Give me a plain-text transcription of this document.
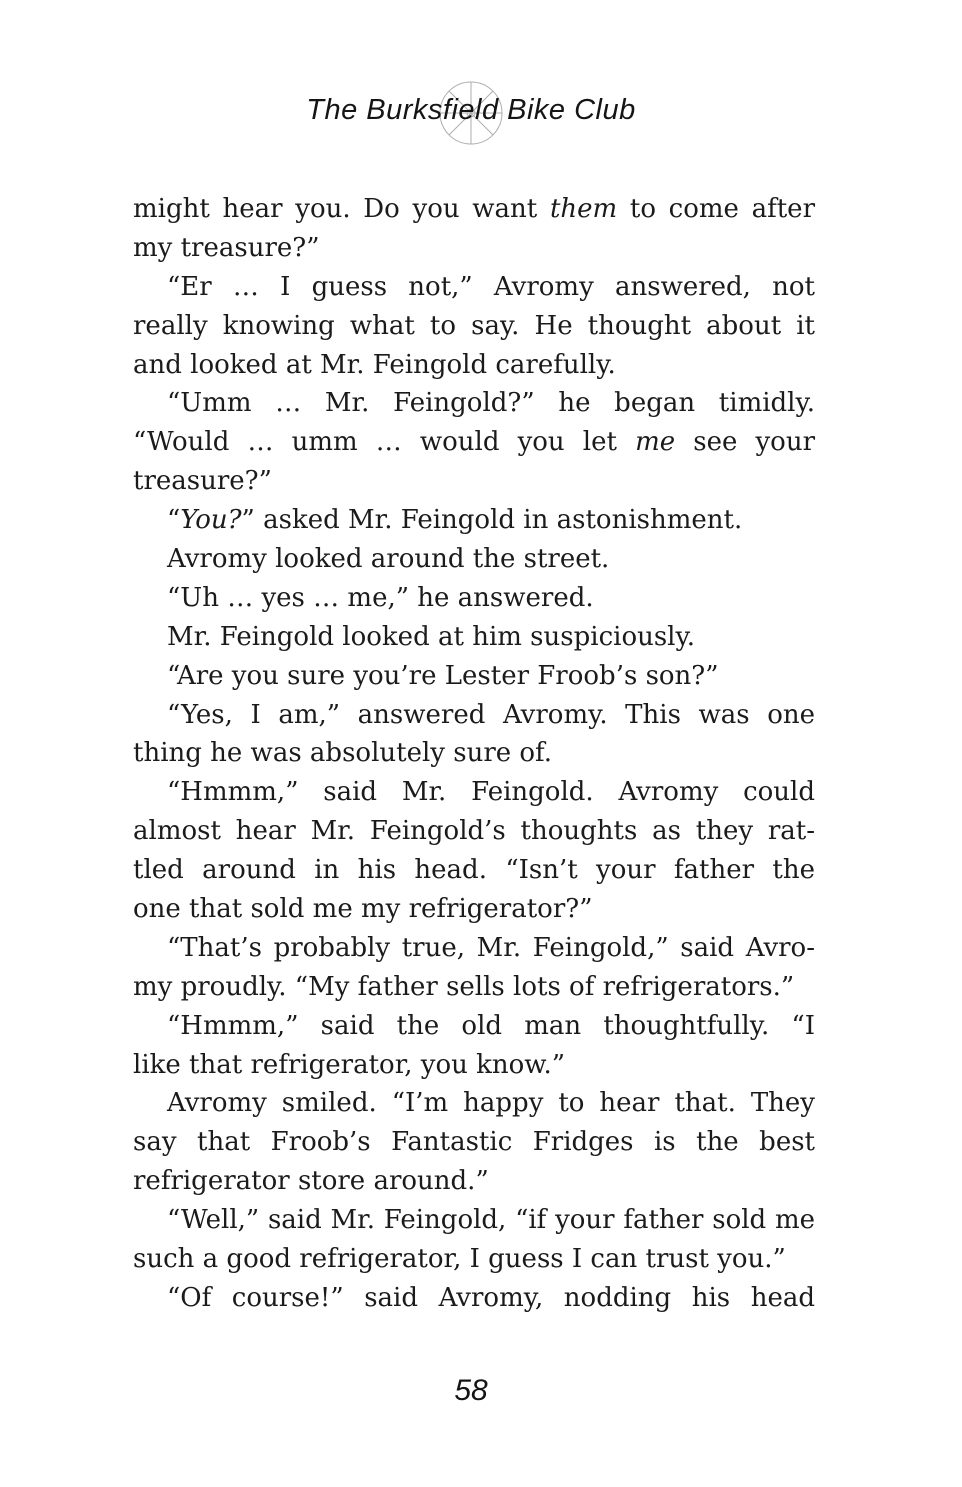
The Burksfield Bike Club
might hear you. Do you want them to come after
my treasure?”
“Er … I guess not,” Avromy answered, not
really knowing what to say. He thought about it
and looked at Mr. Feingold carefully.
“Umm … Mr. Feingold?” he began timidly.
“Would … umm … would you let me see your
treasure?”
“You?” asked Mr. Feingold in astonishment.
Avromy looked around the street.
“Uh … yes … me,” he answered.
Mr. Feingold looked at him suspiciously.
“Are you sure you’re Lester Froob’s son?”
“Yes, I am,” answered Avromy. This was one
thing he was absolutely sure of.
“Hmmm,” said Mr. Feingold. Avromy could
almost hear Mr. Feingold’s thoughts as they rat-
tled around in his head. “Isn’t your father the
one that sold me my refrigerator?”
“That’s probably true, Mr. Feingold,” said Avro-
my proudly. “My father sells lots of refrigerators.”
“Hmmm,” said the old man thoughtfully. “I
like that refrigerator, you know.”
Avromy smiled. “I’m happy to hear that. They
say that Froob’s Fantastic Fridges is the best
refrigerator store around.”
“Well,” said Mr. Feingold, “if your father sold me
such a good refrigerator, I guess I can trust you.”
“Of course!” said Avromy, nodding his head
58
